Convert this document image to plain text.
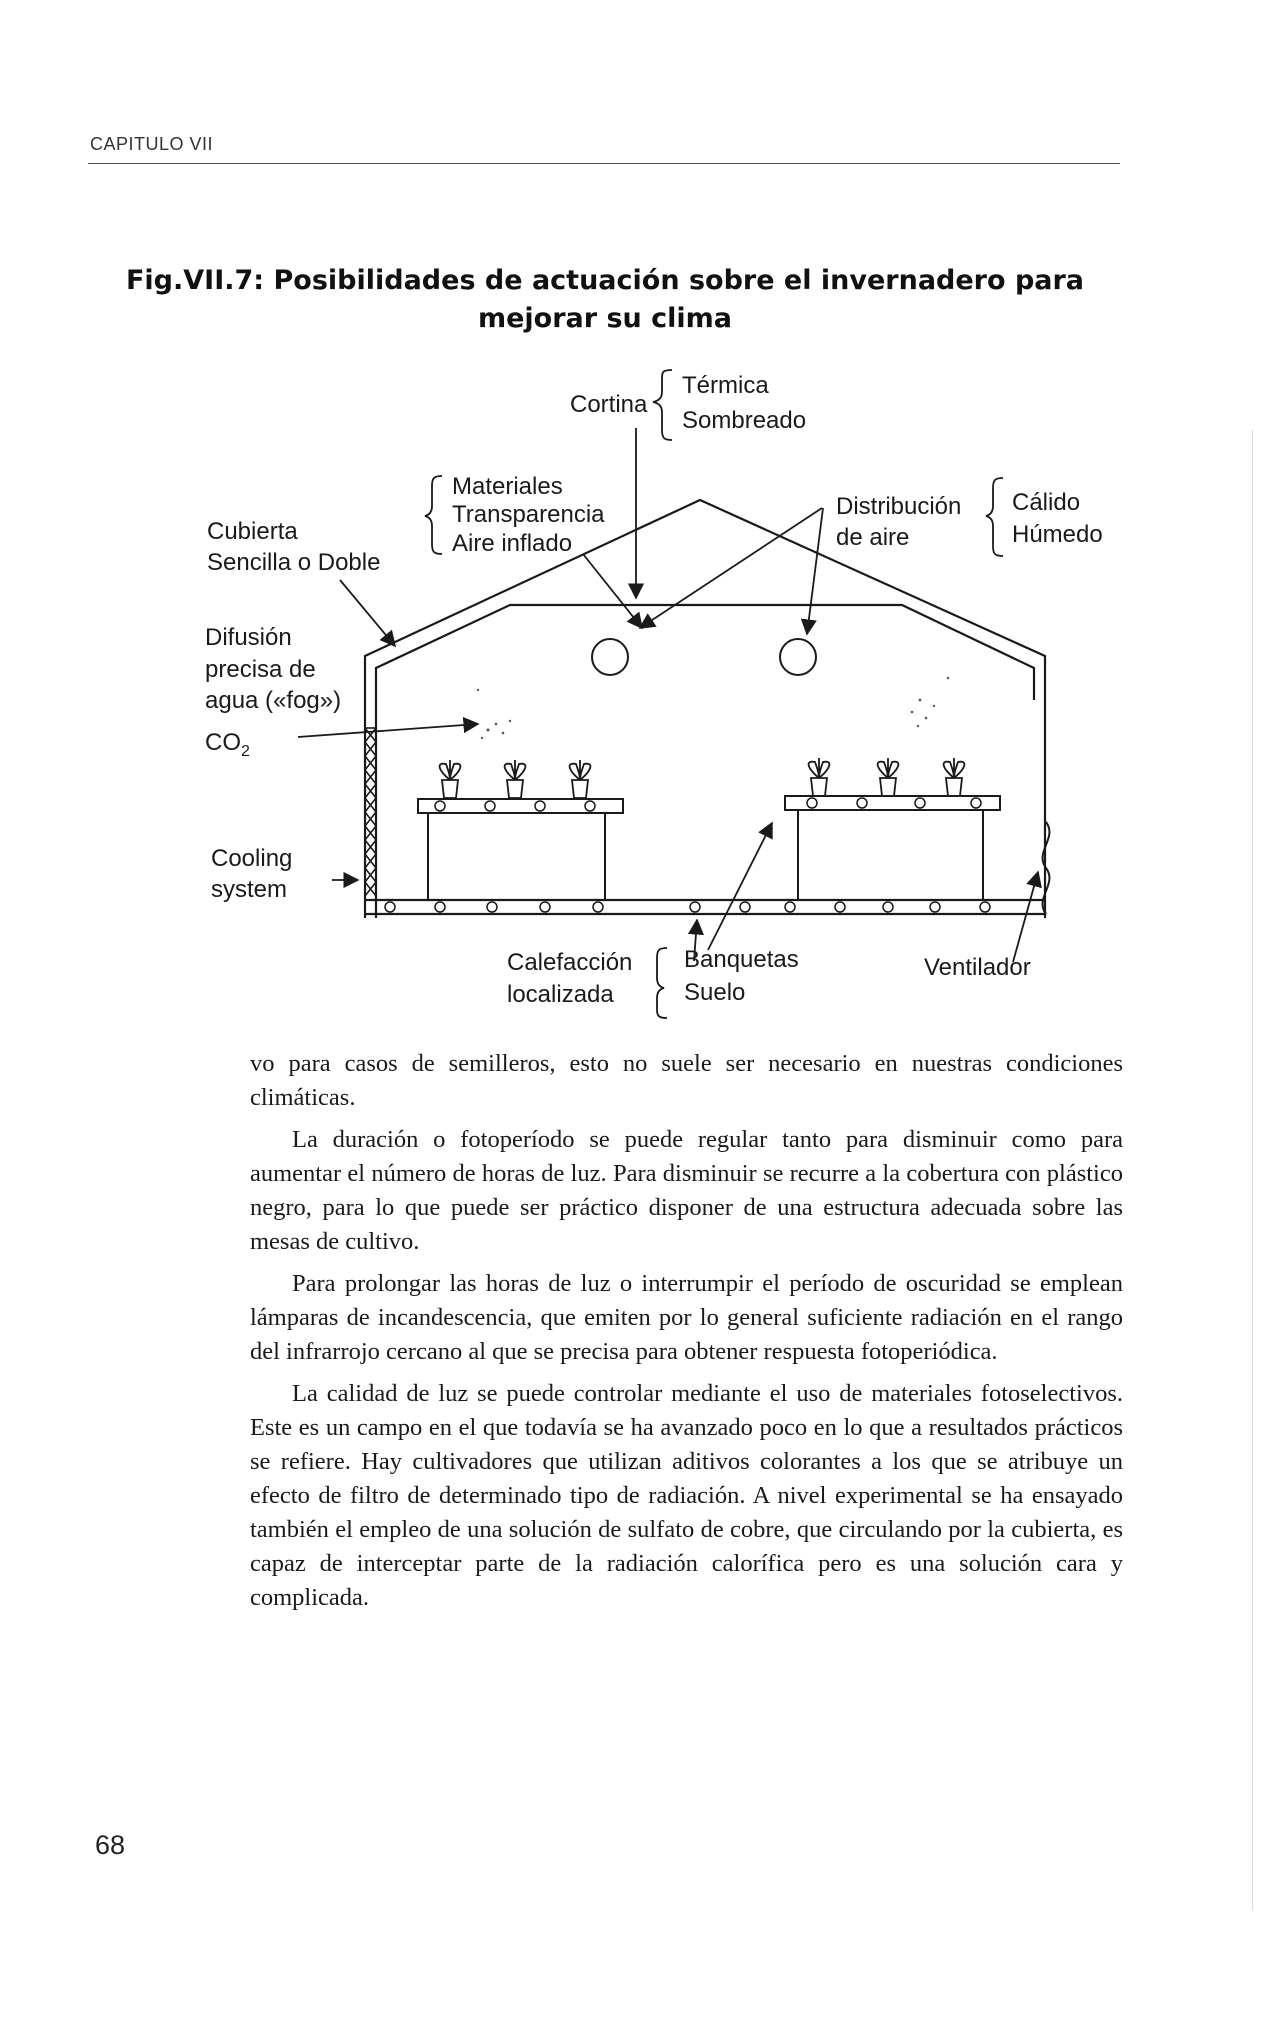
CAPITULO VII
Fig.VII.7: Posibilidades de actuación sobre el invernadero para mejorar su clima
Cortina
Térmica
Sombreado
Cubierta
Sencilla o Doble
Materiales
Transparencia
Aire inflado
Distribución
de aire
Cálido
Húmedo
Difusión
precisa de
agua («fog»)
$CO_2$
Cooling
system
Calefacción
localizada
Banquetas
Suelo
Ventilador

vo para casos de semilleros, esto no suele ser necesario en nuestras condiciones climáticas.

La duración o fotoperíodo se puede regular tanto para disminuir como para aumentar el número de horas de luz. Para disminuir se recurre a la cobertura con plástico negro, para lo que puede ser práctico disponer de una estructura adecuada sobre las mesas de cultivo.

Para prolongar las horas de luz o interrumpir el período de oscuridad se emplean lámparas de incandescencia, que emiten por lo general suficiente radiación en el rango del infrarrojo cercano al que se precisa para obtener respuesta fotoperiódica.

La calidad de luz se puede controlar mediante el uso de materiales fotoselectivos. Este es un campo en el que todavía se ha avanzado poco en lo que a resultados prácticos se refiere. Hay cultivadores que utilizan aditivos colorantes a los que se atribuye un efecto de filtro de determinado tipo de radiación. A nivel experimental se ha ensayado también el empleo de una solución de sulfato de cobre, que circulando por la cubierta, es capaz de interceptar parte de la radiación calorífica pero es una solución cara y complicada.

68
